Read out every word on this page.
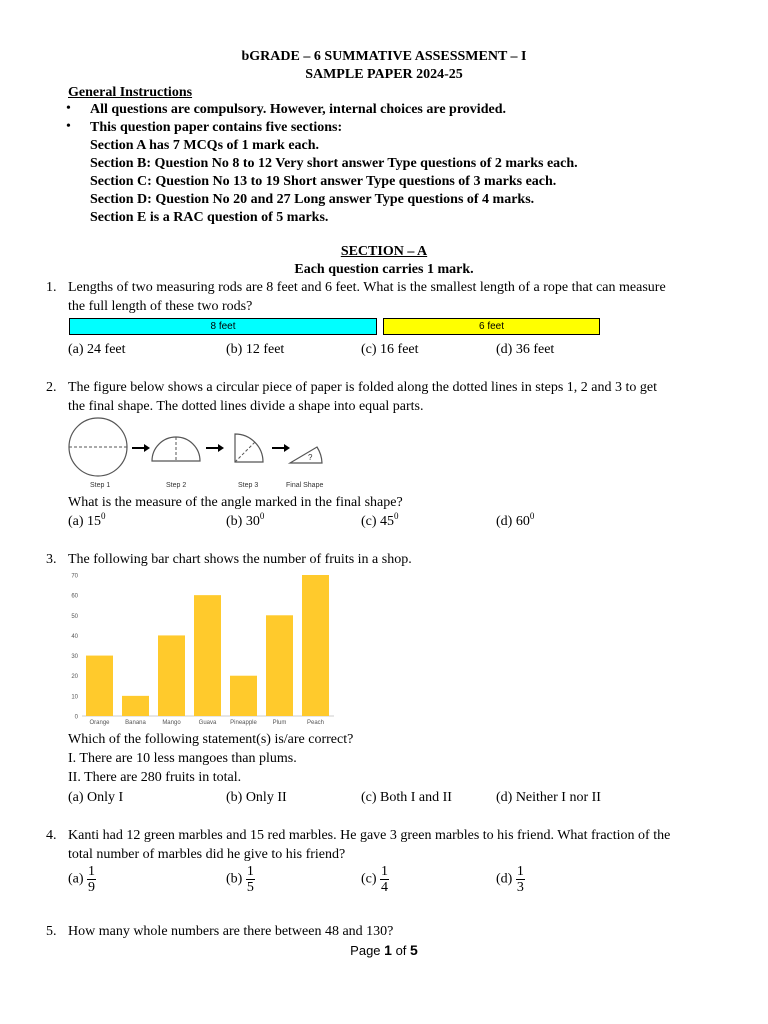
bGRADE – 6 SUMMATIVE ASSESSMENT – I
SAMPLE PAPER 2024-25
General Instructions
• All questions are compulsory. However, internal choices are provided.
• This question paper contains five sections:
Section A has 7 MCQs of 1 mark each.
Section B: Question No 8 to 12 Very short answer Type questions of 2 marks each.
Section C: Question No 13 to 19 Short answer Type questions of 3 marks each.
Section D: Question No 20 and 27 Long answer Type questions of 4 marks.
Section E is a RAC question of 5 marks.
SECTION – A
Each question carries 1 mark.
1. Lengths of two measuring rods are 8 feet and 6 feet. What is the smallest length of a rope that can measure
the full length of these two rods?
8 feet	6 feet
(a) 24 feet	(b) 12 feet	(c) 16 feet	(d) 36 feet
2. The figure below shows a circular piece of paper is folded along the dotted lines in steps 1, 2 and 3 to get
the final shape. The dotted lines divide a shape into equal parts.
?
Step 1	Step 2	Step 3	Final Shape
What is the measure of the angle marked in the final shape?
(a) $15^0$	(b) $30^0$	(c) $45^0$	(d) $60^0$
3. The following bar chart shows the number of fruits in a shop.
0
10
20
30
40
50
60
70
Orange	Banana	Mango	Guava Pineapple	Plum	Peach
Which of the following statement(s) is/are correct?
I. There are 10 less mangoes than plums.
II. There are 280 fruits in total.
(a) Only I	(b) Only II	(c) Both I and II	(d) Neither I nor II
4. Kanti had 12 green marbles and 15 red marbles. He gave 3 green marbles to his friend. What fraction of the
total number of marbles did he give to his friend?
$(a) \frac{1}{9}$	$(b) \frac{1}{5}$	$(c) \frac{1}{4}$	$(d) \frac{1}{3}$
5. How many whole numbers are there between 48 and 130?
Page 1 of 5
